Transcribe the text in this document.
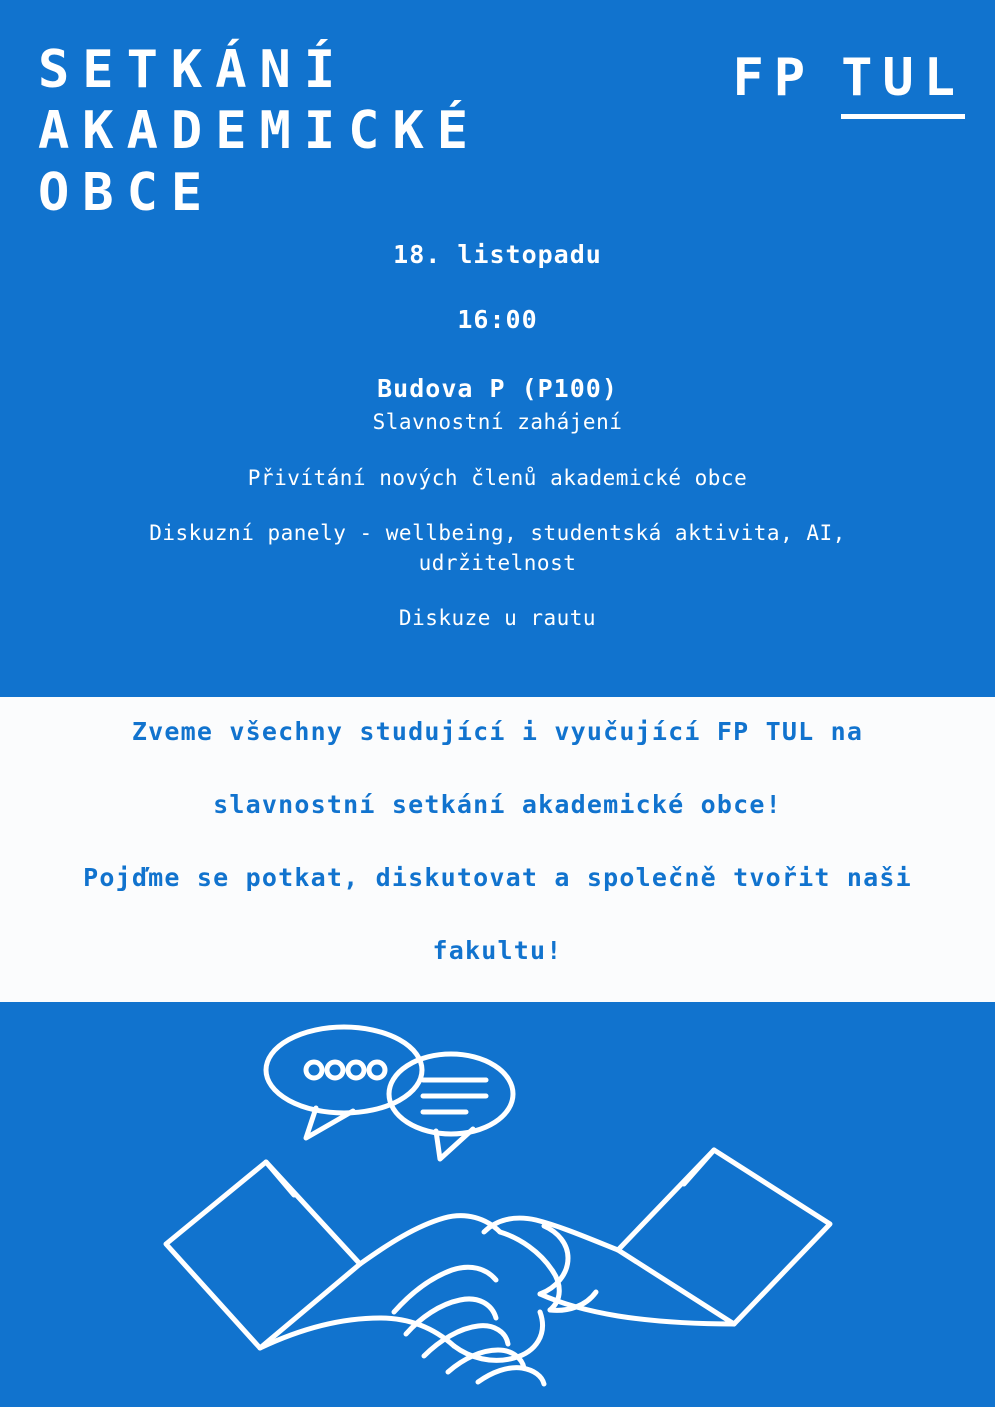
SETKÁNÍ
AKADEMICKÉ
OBCE
FP TUL
18. listopadu
16:00
Budova P (P100)
Slavnostní zahájení
Přivítání nových členů akademické obce
Diskuzní panely - wellbeing, studentská aktivita, AI, udržitelnost
Diskuze u rautu

Zveme všechny studující i vyučující FP TUL na

slavnostní setkání akademické obce!

Pojďme se potkat, diskutovat a společně tvořit naši

fakultu!
